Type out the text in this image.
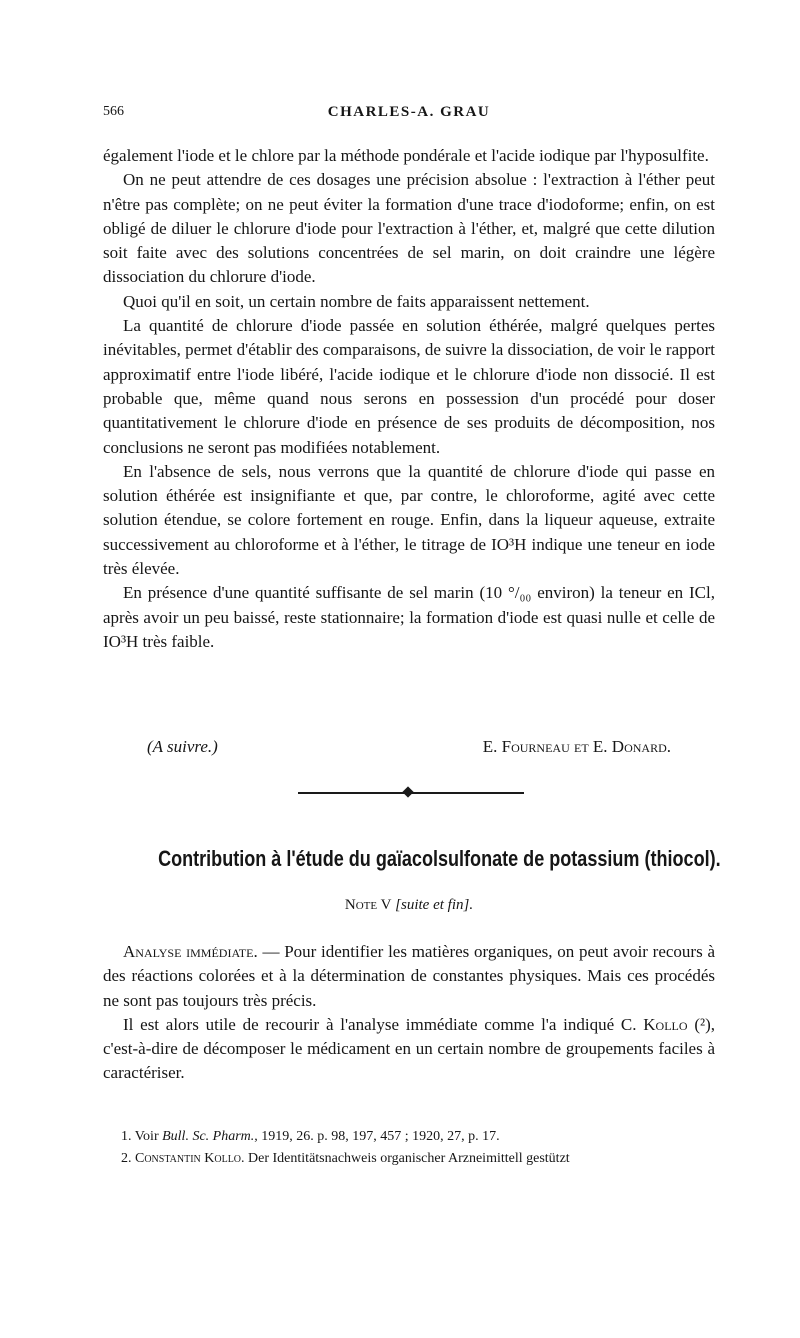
566	CHARLES-A. GRAU

également l'iode et le chlore par la méthode pondérale et l'acide iodique par l'hyposulfite.

On ne peut attendre de ces dosages une précision absolue : l'extraction à l'éther peut n'être pas complète; on ne peut éviter la formation d'une trace d'iodoforme; enfin, on est obligé de diluer le chlorure d'iode pour l'extraction à l'éther, et, malgré que cette dilution soit faite avec des solutions concentrées de sel marin, on doit craindre une légère dissociation du chlorure d'iode.

Quoi qu'il en soit, un certain nombre de faits apparaissent nettement.

La quantité de chlorure d'iode passée en solution éthérée, malgré quelques pertes inévitables, permet d'établir des comparaisons, de suivre la dissociation, de voir le rapport approximatif entre l'iode libéré, l'acide iodique et le chlorure d'iode non dissocié. Il est probable que, même quand nous serons en possession d'un procédé pour doser quantitativement le chlorure d'iode en présence de ses produits de décomposition, nos conclusions ne seront pas modifiées notablement.

En l'absence de sels, nous verrons que la quantité de chlorure d'iode qui passe en solution éthérée est insignifiante et que, par contre, le chloroforme, agité avec cette solution étendue, se colore fortement en rouge. Enfin, dans la liqueur aqueuse, extraite successivement au chloroforme et à l'éther, le titrage de IO³H indique une teneur en iode très élevée.

En présence d'une quantité suffisante de sel marin (10 °/₀₀ environ) la teneur en ICl, après avoir un peu baissé, reste stationnaire; la formation d'iode est quasi nulle et celle de IO³H très faible.

(A suivre.)	E. Fourneau et E. Donard.
Contribution à l'étude du gaïacolsulfonate de potassium (thiocol).
Note V [suite et fin].

Analyse immédiate. — Pour identifier les matières organiques, on peut avoir recours à des réactions colorées et à la détermination de constantes physiques. Mais ces procédés ne sont pas toujours très précis.

Il est alors utile de recourir à l'analyse immédiate comme l'a indiqué C. Kollo (²), c'est-à-dire de décomposer le médicament en un certain nombre de groupements faciles à caractériser.

1. Voir Bull. Sc. Pharm., 1919, 26. p. 98, 197, 457 ; 1920, 27, p. 17.

2. Constantin Kollo. Der Identitätsnachweis organischer Arzneimittell gestützt
